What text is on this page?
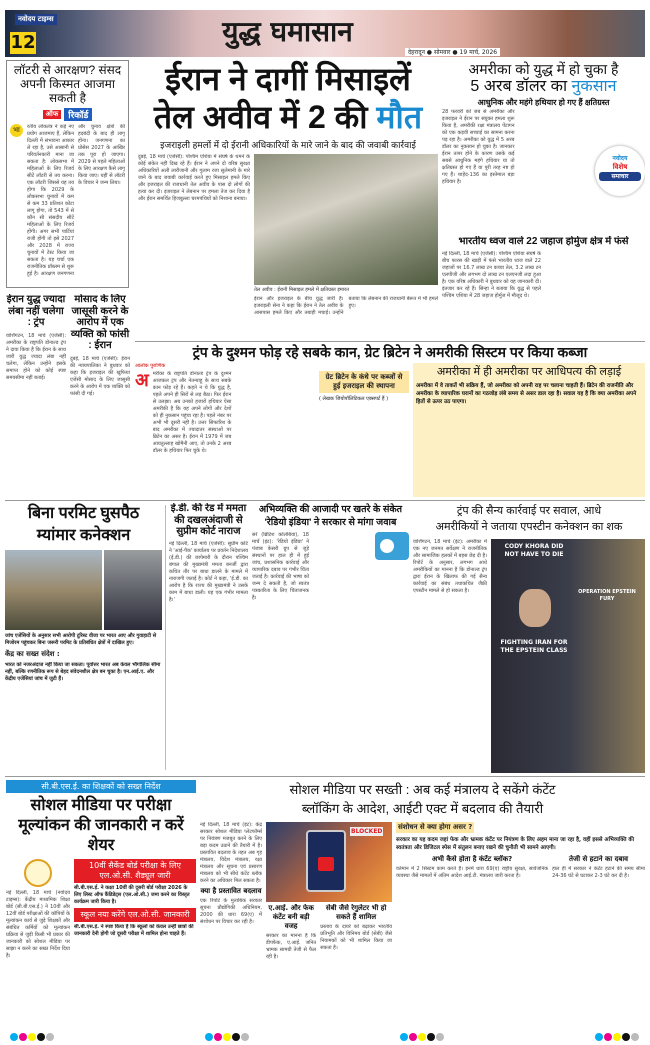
नवोदय टाइम्स
12	युद्ध घमासान
देहरादून ● सोमवार ● 19 मार्च, 2026
लॉटरी से आरक्षण? संसद अपनी किस्मत आजमा सकती है
ऑफ	रिकॉर्ड
भा	रतीय लोकतंत्र ने कई नए प्रयोग आजमाए हैं, लेकिन दिल्ली में संभावना आकार ले रहा है, उसे आसानी से परिवर्तनकारी माना जा सकता है: लोकसभा में महिलाओं के लिए रिजर्व सीटें लॉटरी से तय करना। एक लॉटरी जिससे यह तय होगा कि 2029 के लोकसभा चुनावों में कम से कम 33 प्रतिशत कोटा लागू होगा, तो 543 में से कौन सी संसदीय सीटें महिलाओं के लिए रिजर्व होंगी। अगर सभी पार्टियां राजी होंगी तो इसे 2027 और 2028 में राज्य चुनावों में टेस्ट किया जा सकता है। यह चर्चा एक राजनीतिक प्रॉब्लम से शुरू हुई है। आरक्षण जनगणना और चुनाव क्षेत्रों की हदबंदी के बाद ही लागू होना। जनगणना का प्रोसेस 2027 के आखिर तक पूरा हो जाएगा। 2029 से पहले महिलाओं के लिए आरक्षण कैसे लागू किया जाए। यहीं से लॉटरी के विचार ने जन्म लिया।
ईरान युद्ध ज्यादा लंबा नहीं चलेगा : ट्रंप
वाशिंगटन, 18 मार्च (एजेंसी): अमरीका के राष्ट्रपति डोनाल्ड ट्रंप ने दावा किया है कि ईरान के साथ जारी युद्ध ज्यादा लंबा नहीं चलेगा, लेकिन उन्होंने इसके समाप्त होने को कोई स्पष्ट समयसीमा नहीं बताई।
मोसाद के लिए जासूसी करने के आरोप में एक व्यक्ति को फांसी : ईरान
दुबई, 18 मार्च (एजेंसी): ईरान की न्यायपालिका ने बुधवार को कहा कि इजराइल की खुफिया एजेंसी मोसाद के लिए जासूसी करने के आरोप में एक व्यक्ति को फांसी दी गई।
ईरान ने दागीं मिसाइलें
तेल अवीव में 2 की मौत
इजराइली हमलों में दो ईरानी अधिकारियों के मारे जाने के बाद की जवाबी कार्रवाई
दुबई, 18 मार्च (एजेंसी): पश्चिम एशिया में संघर्ष के थमने के कोई संकेत नहीं दिख रहे हैं। ईरान ने अपने दो वरिष्ठ सुरक्षा अधिकारियों अली लारीजानी और गुलाम रजा सुलेमानी के मारे जाने के बाद जवाबी कार्रवाई करते हुए मिसाइल हमले किए और इजराइल की राजधानी तेल अवीव के पास दो लोगों की हत्या कर दी। इजराइल ने लेबनान पर हमला तेज कर दिया है और ईरान समर्थित हिजबुल्ला चरमपंथियों को निशाना बनाया।
तेल अवीव : ईरानी मिसाइल हमले में क्षतिग्रस्त इमारत
ईरान और इजराइल के बीच युद्ध जारी है। इजराइली सेना ने कहा कि ईरान ने तेल अवीव के आसपास हमले किए और तबाही मचाई। उन्होंने बताया कि लेबनान की राजधानी बेरूत में भी हमले हुए।
अमरीका को युद्ध में हो चुका है
5 अरब डॉलर का नुकसान
आधुनिक और महंगे हथियार हो गए हैं क्षतिग्रस्त
28 फरवरी को जब से अमरीका और इजराइल ने ईरान पर संयुक्त हमला शुरू किया है, अमरीकी रक्षा मंत्रालय पेंटागन को एक कड़वी सच्चाई का सामना करना पड़ रहा है। अमरीका को युद्ध में 5 अरब डॉलर का नुकसान हो चुका है। जानकार ईरान तत्पर होने के कारण उसके कई सबसे आधुनिक महंगे हथियार या तो क्षतिग्रस्त हो गए हैं या पूरी तरह नष्ट हो गए हैं। शाहेद-136 का इस्तेमाल बड़ा हथियार है।
नवोदय
विशेष
समाचार
भारतीय ध्वज वाले 22 जहाज होर्मुज क्षेत्र में फंसे
नई दिल्ली, 18 मार्च (एजेंसी): पश्चिम एशिया संघर्ष के बीच फारस की खाड़ी में फंसे भारतीय ध्वज वाले 22 जहाजों पर 16.7 लाख टन कच्चा तेल, 3.2 लाख टन एलपीजी और लगभग दो लाख टन एलएनजी लदा हुआ है। एक वरिष्ठ अधिकारी ने बुधवार को यह जानकारी दी। इंतजार कर रहे हैं। सिन्हा ने बताया कि युद्ध से पहले पश्चिम एशिया में 28 जहाज होर्मुज में मौजूद थे।
ट्रंप के दुश्मन फोड़ रहे सबके कान, ग्रेट ब्रिटेन ने अमरीकी सिस्टम पर किया कब्जा
आलोक पुराणिक
अ मरीका के राष्ट्रपति डोनाल्ड ट्रंप के दुश्मन आजकल ट्रंप और नेतन्याहू के साथ सबके कान फोड़ रहे हैं। कहते न थे कि युद्ध है, पहले अपने ही सिरों से लड़ बैठा। फिर ईरान से उलझा। अब उनको हजारों हथियार ऐसा अमरीकी है कि यह अपने लोगों और देशों को ही नुकसान पहुंचा रहा है। पहले नंबर पर अभी भी दूसरी नहीं है। उत्तर सिफारिश के बाद अमरीका में ज्यादातर संस्थाओं पर ब्रिटेन का असर है। ईरान में 1979 में जब आयतुल्लाह खोमैनी आए, तो उनके 2 अरब डॉलर के हथियार फिर चुके थे।
ग्रेट ब्रिटेन के कंधे पर कब्जों से हुई इजराइल की स्थापना
( लेखक जियोपॉलिटिकल एक्सपर्ट हैं )
अमरीका में ही अमरीका पर आधिपत्य की लड़ाई
अमरीका में वे ताकतें भी सक्रिय हैं, जो अमरीका को अपनी राह पर चलाना चाहती हैं। ब्रिटेन की राजनीति और अमरीका के व्यापारिक घरानों का गठजोड़ लंबे समय से असर डाल रहा है। सवाल यह है कि क्या अमरीका अपने हितों से ऊपर उठ पाएगा।
बिना परमिट घुसपैठ
म्यांमार कनेक्शन
जांच एजेंसियों के अनुसार सभी आरोपी टूरिस्ट वीजा पर भारत आए और गुवाहाटी से मिजोरम पहुंचकर बिना जरूरी परमिट के प्रतिबंधित क्षेत्रों में दाखिल हुए।
केंद्र का सख्त संदेश :
भारत को नजरअंदाज नहीं किया जा सकता। पूर्वोत्तर भारत अब केवल भौगोलिक सीमा नहीं, बल्कि रणनीतिक रूप से बेहद संवेदनशील क्षेत्र बन चुका है। एन.आई.ए. और केंद्रीय एजेंसियां जांच में जुटी हैं।
ई.डी. की रेड में ममता की दखलअंदाजी से सुप्रीम कोर्ट नाराज
नई दिल्ली, 18 मार्च (एजेंसी): सुप्रीम कोर्ट ने 'आई-पैक' कार्यालय पर प्रवर्तन निदेशालय (ई.डी.) की छापेमारी के दौरान पश्चिम बंगाल की मुख्यमंत्री ममता बनर्जी द्वारा कथित तौर पर बाधा डालने के मामले में नाराजगी जताई है। कोर्ट ने कहा, 'ई.डी. का आरोप है कि राज्य की मुख्यमंत्री ने उसके काम में बाधा डाली। यह एक गंभीर मामला है।'
अभिव्यक्ति की आजादी पर खतरे के संकेत
'रेडियो इंडिया' ने सरकार से मांगा जवाब
सरे (ब्रिटिश कोलंबिया), 18 मार्च (इंट): 'रेडियो इंडिया' ने पंजाब केसरी ग्रुप से जुड़े संस्थानों पर हाल ही में हुई जांच, प्रशासनिक कार्रवाई और व्यापारिक दबाव पर गंभीर चिंता जताई है। कार्रवाई की भाषा को जन्म दे सकती है, जो स्वतंत्र पत्रकारिता के लिए चिंताजनक है।
ट्रंप की सैन्य कार्रवाई पर सवाल, आधे
अमरीकियों ने जताया एपस्टीन कनेक्शन का शक
वाशिंगटन, 18 मार्च (इंट): अमरीका में एक नए जनमत सर्वेक्षण ने राजनीतिक और सामाजिक हलकों में बहस छेड़ दी है। रिपोर्ट के अनुसार, लगभग आधे अमरीकियों का मानना है कि डोनाल्ड ट्रंप द्वारा ईरान के खिलाफ की गई सैन्य कार्रवाई का संबंध तथाकथित जैफ्री एपस्टीन मामले से हो सकता है।
CODY KHORA DID NOT HAVE TO DIE
FIGHTING IRAN FOR THE EPSTEIN CLASS
OPERATION EPSTEIN FURY
सी.बी.एस.ई. का शिक्षकों को सख्त निर्देश
सोशल मीडिया पर परीक्षा मूल्यांकन की जानकारी न करें शेयर
नई दिल्ली, 18 मार्च (नवोदय टाइम्स): केंद्रीय माध्यमिक शिक्षा बोर्ड (सी.बी.एस.ई.) ने 10वीं और 12वीं बोर्ड परीक्षाओं की कॉपियों के मूल्यांकन कार्य से जुड़े शिक्षकों और संबंधित कर्मियों को मूल्यांकन प्रक्रिया से जुड़ी किसी भी प्रकार की जानकारी को सोशल मीडिया पर साझा न करने का सख्त निर्देश दिया है।
10वीं सैकेंड बोर्ड परीक्षा के लिए एल.ओ.सी. शैड्यूल जारी
सी.बी.एस.ई. ने कक्षा 10वीं की दूसरी बोर्ड परीक्षा 2026 के लिए लिस्ट ऑफ कैंडिडेट्स (एल.ओ.सी.) जमा करने का विस्तृत कार्यक्रम जारी किया है।
स्कूल नया करेंगे एल.ओ.सी. जानकारी
सी.बी.एस.ई. ने स्पष्ट किया है कि स्कूलों को केवल उन्हीं छात्रों की जानकारी देनी होगी जो दूसरी परीक्षा में शामिल होना चाहते हैं।
सोशल मीडिया पर सख्ती : अब कई मंत्रालय दे सकेंगे कंटेंट
ब्लॉकिंग के आदेश, आईटी एक्ट में बदलाव की तैयारी
नई दिल्ली, 18 मार्च (इंट): केंद्र सरकार सोशल मीडिया प्लेटफॉर्म्स पर नियंत्रण मजबूत करने के लिए बड़ा कदम उठाने की तैयारी में है। प्रस्तावित बदलाव के तहत अब गृह मंत्रालय, विदेश मंत्रालय, रक्षा मंत्रालय और सूचना एवं प्रसारण मंत्रालय को भी सीधे कंटेंट ब्लॉक करने का अधिकार मिल सकता है।
क्या है प्रस्तावित बदलाव
एक रिपोर्ट के मुताबिक सरकार सूचना प्रौद्योगिकी अधिनियम, 2000 की धारा 69(ए) में संशोधन पर विचार कर रही है।
BLOCKED
ए.आई. और फेक कंटेंट बनी बड़ी वजह
सरकार का मानना है कि डीपफेक, ए.आई. जनित भ्रामक सामग्री तेजी से फैल रही है।
सेबी जैसे रेगुलेटर भी हो सकते हैं शामिल
प्रस्ताव के दायरे को बढ़ाकर भारतीय प्रतिभूति और विनिमय बोर्ड (सेबी) जैसे नियामकों को भी शामिल किया जा सकता है।
संशोधन से क्या होगा असर ?
सरकार का यह कदम जहां फेक और भ्रामक कंटेंट पर नियंत्रण के लिए अहम माना जा रहा है, वहीं इससे अभिव्यक्ति की स्वतंत्रता और डिजिटल स्पेस में संतुलन बनाए रखने की चुनौती भी सामने आएगी।
अभी कैसे होता है कंटेंट ब्लॉक?
वर्तमान में 2 सिस्टम काम करते हैं। इनमें धारा 69(ए) राष्ट्रीय सुरक्षा, सार्वजनिक व्यवस्था जैसे मामलों में अंतिम आदेश आई.टी. मंत्रालय जारी करता है।
तेजी से हटाने का दबाव
हाल ही में सरकार ने कंटेंट हटाने की समय सीमा 24-36 घंटे से घटाकर 2-3 घंटे कर दी है।
